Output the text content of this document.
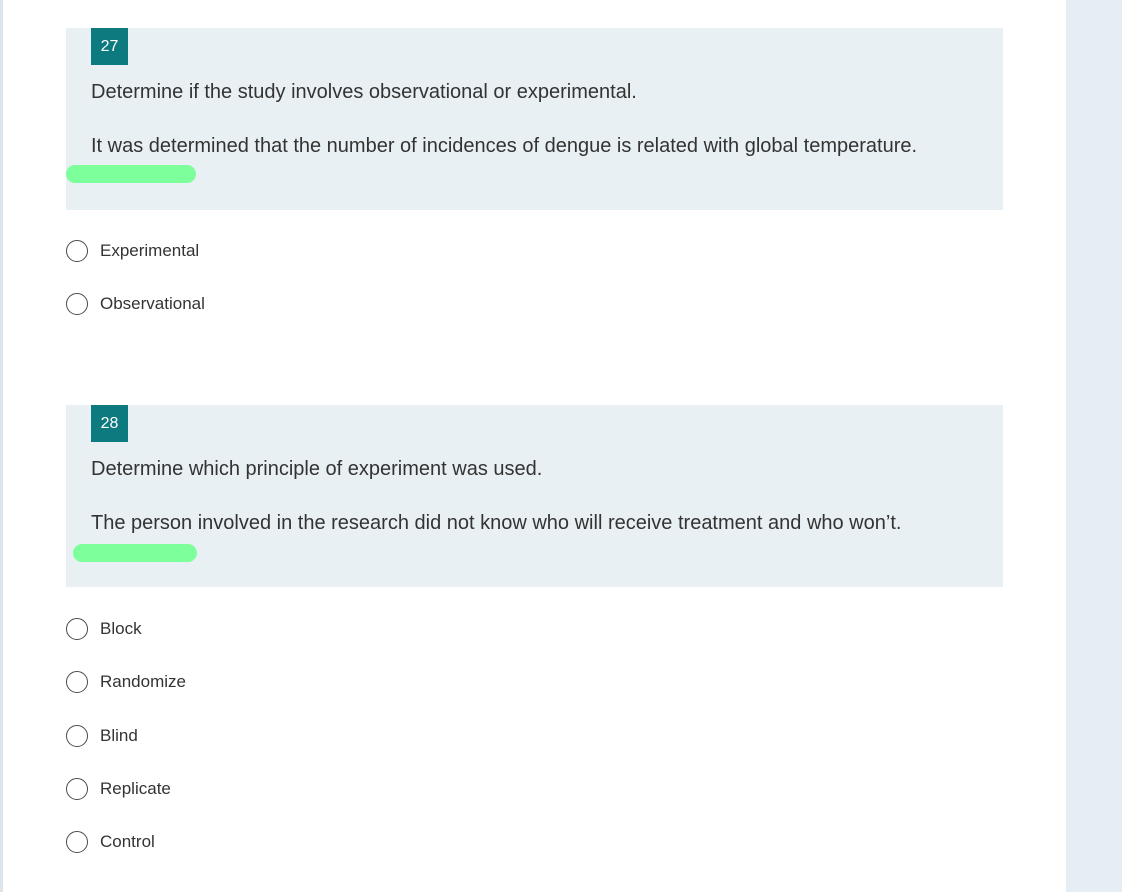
27
Determine if the study involves observational or experimental.
It was determined that the number of incidences of dengue is related with global temperature.
Experimental
Observational
28
Determine which principle of experiment was used.
The person involved in the research did not know who will receive treatment and who won’t.
Block
Randomize
Blind
Replicate
Control
